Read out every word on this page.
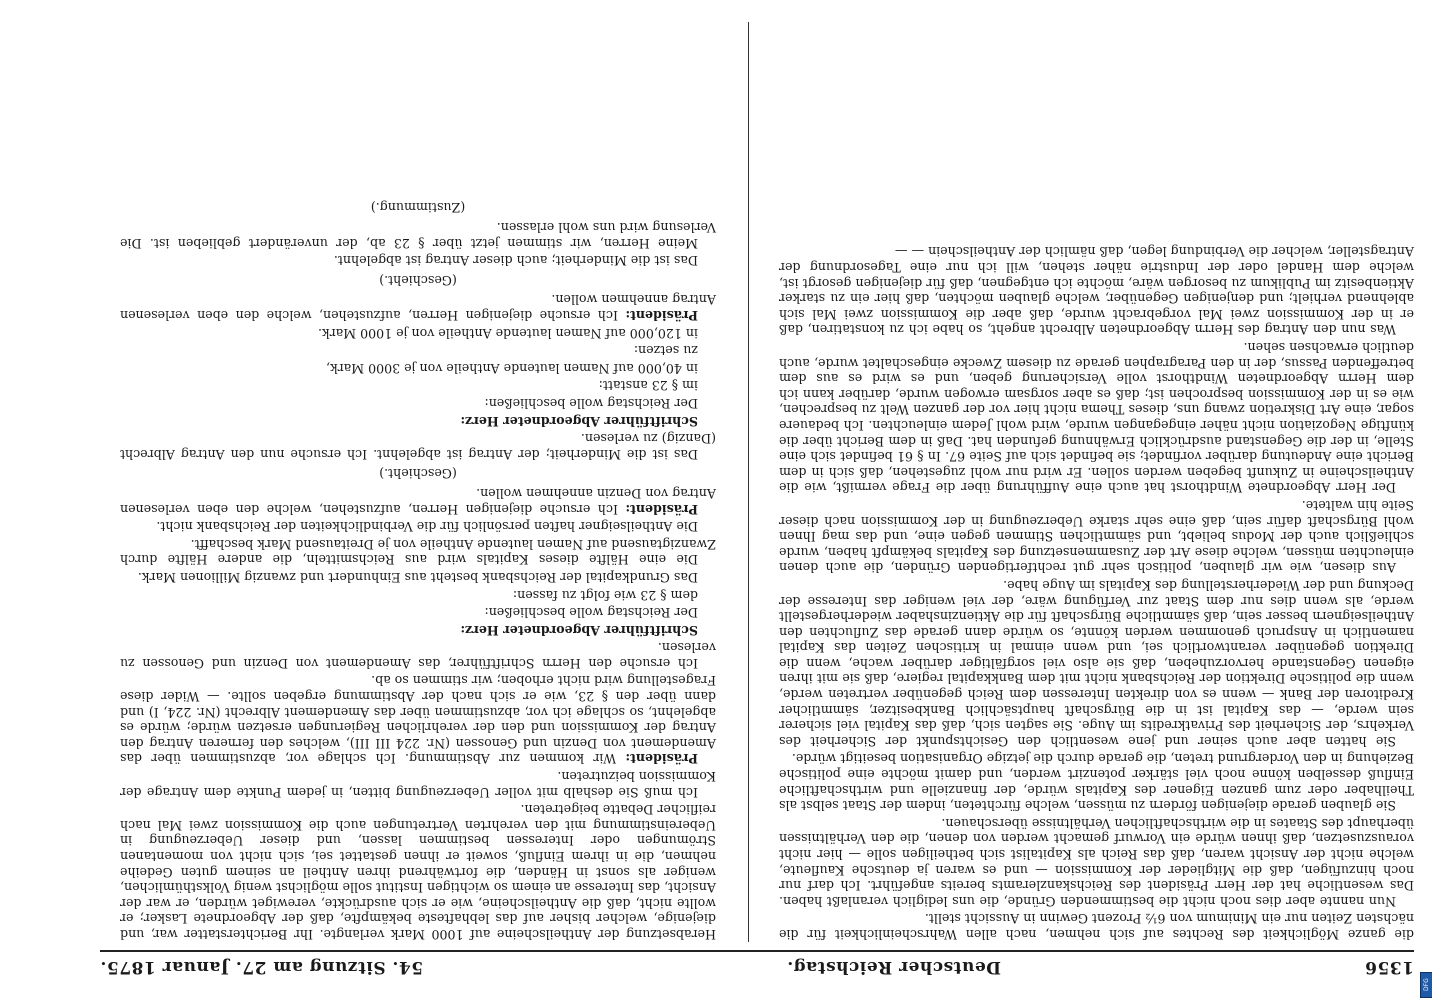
1356
Deutscher Reichstag.
54. Sitzung am 27. Januar 1875.

die ganze Möglichkeit des Rechtes auf sich nehmen, nach allen Wahrscheinlichkeit für die nächsten Zeiten nur ein Minimum von 6½ Prozent Gewinn in Aussicht stellt.

Nun nannte aber dies noch nicht die bestimmenden Gründe, die uns lediglich veranlaßt haben. Das wesentliche hat der Herr Präsident des Reichskanzleramts bereits angeführt. Ich darf nur noch hinzufügen, daß die Mitglieder der Kommission — und es waren ja deutsche Kaufleute, welche nicht der Ansicht waren, daß das Reich als Kapitalist sich betheiligen solle — hier nicht vorauszusetzen, daß ihnen würde ein Vorwurf gemacht werden von denen, die den Verhältnissen überhaupt des Staates in die wirthschaftlichen Verhältnisse überschauen.

Sie glauben gerade diejenigen fördern zu müssen, welche fürchteten, indem der Staat selbst als Theilhaber oder zum ganzen Eigener des Kapitals würde, der finanzielle und wirthschaftliche Einfluß desselben könne noch viel stärker potenzirt werden, und damit möchte eine politische Beziehung in den Vordergrund treten, die gerade durch die jetzige Organisation beseitigt würde.

Sie hatten aber auch seiner und jene wesentlich den Gesichtspunkt der Sicherheit des Verkehrs, der Sicherheit des Privatkredits im Auge. Sie sagten sich, daß das Kapital viel sicherer sein werde, — das Kapital ist in die Bürgschaft hauptsächlich Bankbesitzer, sämmtlicher Kreditoren der Bank — wenn es von direkten Interessen dem Reich gegenüber vertreten werde, wenn die politische Direktion der Reichsbank nicht mit dem Bankkapital regiere, daß sie mit ihren eigenen Gegenstande hervorzuheben, daß sie also viel sorgfältiger darüber wache, wenn die Direktion gegenüber verantwortlich sei, und wenn einmal in kritischen Zeiten das Kapital namentlich in Anspruch genommen werden könnte, so würde dann gerade das Zufluchten den Antheilseignern besser sein, daß sämmtliche Bürgschaft für die Aktienzinshaber wiederhergestellt werde, als wenn dies nur dem Staat zur Verfügung wäre, der viel weniger das Interesse der Deckung und der Wiederherstellung des Kapitals im Auge habe.

Aus diesen, wie wir glauben, politisch sehr gut rechtfertigenden Gründen, die auch denen einleuchten müssen, welche diese Art der Zusammensetzung des Kapitals bekämpft haben, wurde schließlich auch der Modus beliebt, und sämmtlichen Stimmen gegen eine, und das mag Ihnen wohl Bürgschaft dafür sein, daß eine sehr starke Ueberzeugung in der Kommission nach dieser Seite hin waltete.

Der Herr Abgeordnete Windthorst hat auch eine Aufführung über die Frage vermißt, wie die Antheilscheine in Zukunft begeben werden sollen. Er wird nur wohl zugestehen, daß sich in dem Bericht eine Andeutung darüber vorfindet; sie befindet sich auf Seite 67. In § 61 befindet sich eine Stelle, in der die Gegenstand ausdrücklich Erwähnung gefunden hat. Daß in dem Bericht über die künftige Negoziation nicht näher eingegangen wurde, wird wohl Jedem einleuchten. Ich bedauere sogar, eine Art Diskretion zwang uns, dieses Thema nicht hier vor der ganzen Welt zu besprechen, wie es in der Kommission besprochen ist; daß es aber sorgsam erwogen wurde, darüber kann ich dem Herrn Abgeordneten Windthorst volle Versicherung geben, und es wird es aus dem betreffenden Passus, der in den Paragraphen gerade zu diesem Zwecke eingeschaltet wurde, auch deutlich erwachsen sehen.

Was nun den Antrag des Herrn Abgeordneten Albrecht angeht, so habe ich zu konstatiren, daß er in der Kommission zwei Mal vorgebracht wurde, daß aber die Kommission zwei Mal sich ablehnend verhielt; und denjenigen Gegenüber, welche glauben möchten, daß hier ein zu starker Aktienbesitz im Publikum zu besorgen wäre, möchte ich entgegnen, daß für diejenigen gesorgt ist, welche dem Handel oder der Industrie näher stehen, will ich nur eine Tagesordnung der Antragsteller, welcher die Verbindung legen, daß nämlich der Antheilschein — —

Herabsetzung der Antheilscheine auf 1000 Mark verlangte. Ihr Berichterstatter war, und diejenige, welcher bisher auf das lebhafteste bekämpfte, daß der Abgeordnete Lasker; er wollte nicht, daß die Antheilscheine, wie er sich ausdrückte, verewiget würden, er war der Ansicht, das Interesse an einem so wichtigen Institut solle möglichst wenig Volksthümlichen, weniger als sonst in Händen, die fortwährend ihren Antheil an seinem guten Gedeihe nehmen, die in ihrem Einfluß, soweit er ihnen gestattet sei, sich nicht von momentanen Strömungen oder Interessen bestimmen lassen, und dieser Ueberzeugung in Uebereinstimmung mit den verehrten Vertretungen auch die Kommission zwei Mal nach reiflicher Debatte beigetreten.

Ich muß Sie deshalb mit voller Ueberzeugung bitten, in jedem Punkte dem Antrage der Kommission beizutreten.

Präsident: Wir kommen zur Abstimmung. Ich schlage vor, abzustimmen über das Amendement von Denzin und Genossen (Nr. 224 III III), welches den ferneren Antrag den Antrag der Kommission und den der verehrlichen Regierungen ersetzen würde; würde es abgelehnt, so schlage ich vor, abzustimmen über das Amendement Albrecht (Nr. 224, I) und dann über den § 23, wie er sich nach der Abstimmung ergeben sollte. — Wider diese Fragestellung wird nicht erhoben; wir stimmen so ab.

Ich ersuche den Herrn Schriftführer, das Amendement von Denzin und Genossen zu verlesen.

Schriftführer Abgeordneter Herz:

Der Reichstag wolle beschließen:

dem § 23 wie folgt zu fassen:

Das Grundkapital der Reichsbank besteht aus Einhundert und zwanzig Millionen Mark.

Die eine Hälfte dieses Kapitals wird aus Reichsmitteln, die andere Hälfte durch Zwanzigtausend auf Namen lautende Antheile von je Dreitausend Mark beschafft.

Die Antheilseigner haften persönlich für die Verbindlichkeiten der Reichsbank nicht.

Präsident: Ich ersuche diejenigen Herren, aufzustehen, welche den eben verlesenen Antrag von Denzin annehmen wollen.

(Geschieht.)

Das ist die Minderheit; der Antrag ist abgelehnt. Ich ersuche nun den Antrag Albrecht (Danzig) zu verlesen.

Schriftführer Abgeordneter Herz:

Der Reichstag wolle beschließen:

im § 23 anstatt:

in 40,000 auf Namen lautende Antheile von je 3000 Mark,

zu setzen:

in 120,000 auf Namen lautende Antheile von je 1000 Mark.

Präsident: Ich ersuche diejenigen Herren, aufzustehen, welche den eben verlesenen Antrag annehmen wollen.

(Geschieht.)

Das ist die Minderheit; auch dieser Antrag ist abgelehnt.

Meine Herren, wir stimmen jetzt über § 23 ab, der unverändert geblieben ist. Die Verlesung wird uns wohl erlassen.

(Zustimmung.)

DFG
